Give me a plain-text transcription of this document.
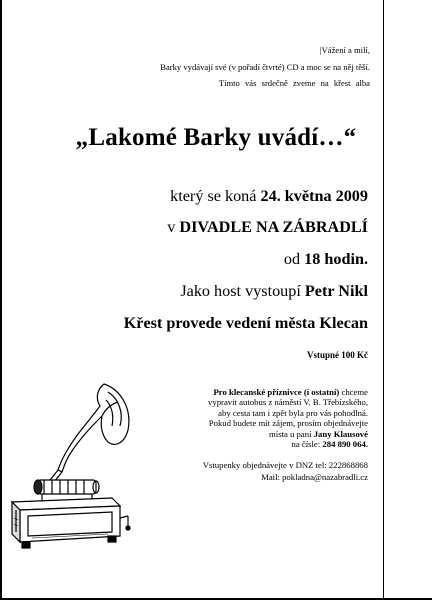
|Vážení a milí,
Barky vydávají své (v pořadí čtvrté) CD a moc se na něj těší.
Tímto vás srdečně zveme na křest alba
„Lakomé Barky uvádí…“
který se koná 24. května 2009
v DIVADLE NA ZÁBRADLÍ
od 18 hodin.
Jako host vystoupí Petr Nikl
Křest provede vedení města Klecan
Vstupné 100 Kč
Pro klecanské příznivce (i ostatní) chceme
vypravit autobus z náměstí V. B. Třebízského,
aby cesta tam i zpět byla pro vás pohodlná.
Pokud budete mít zájem, prosím objednávejte
místa u paní Jany Klausové
na čísle: 284 890 064.
Vstupenky objednávejte v DNZ tel: 222868868
Mail: pokladna@nazabradli.cz
